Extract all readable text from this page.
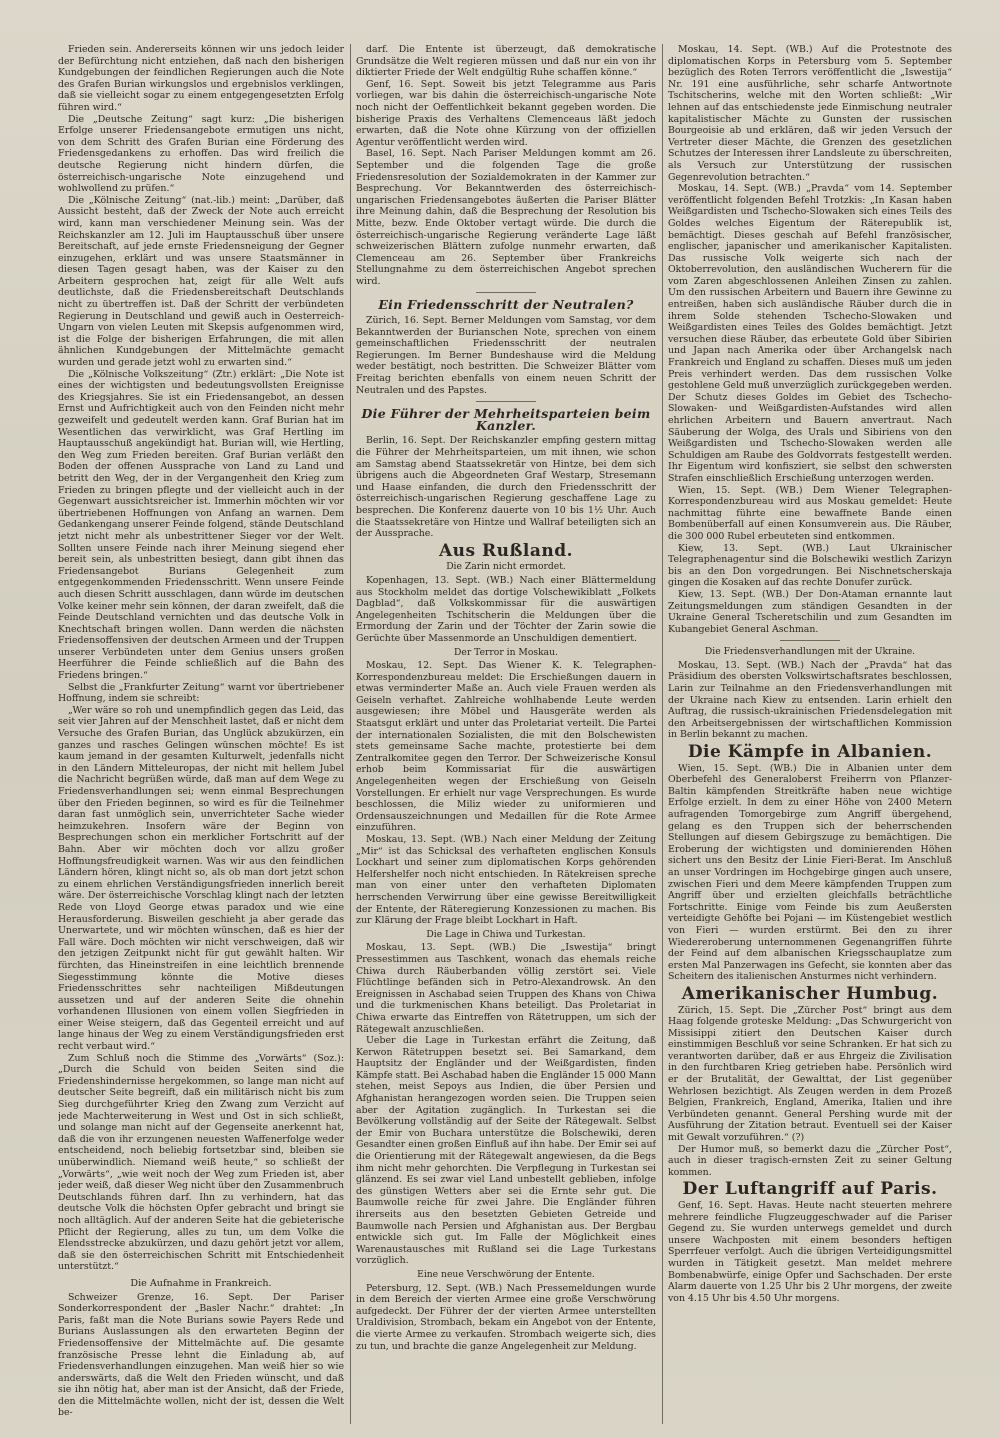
Frieden sein. Andererseits können wir uns jedoch leider der Befürchtung nicht entziehen, daß nach den bisherigen Kundgebungen der feindlichen Regierungen auch die Note des Grafen Burian wirkungslos und ergebnislos verklingen, daß sie vielleicht sogar zu einem entgegengesetzten Erfolg führen wird.“

Die „Deutsche Zeitung“ sagt kurz: „Die bisherigen Erfolge unserer Friedensangebote ermutigen uns nicht, von dem Schritt des Grafen Burian eine Förderung des Friedensgedankens zu erhoffen. Das wird freilich die deutsche Regierung nicht hindern dürfen, die österreichisch-ungarische Note einzugehend und wohlwollend zu prüfen.“

Die „Kölnische Zeitung“ (nat.-lib.) meint: „Darüber, daß Aussicht besteht, daß der Zweck der Note auch erreicht wird, kann man verschiedener Meinung sein. Was der Reichskanzler am 12. Juli im Hauptausschuß über unsere Bereitschaft, auf jede ernste Friedensneigung der Gegner einzugehen, erklärt und was unsere Staatsmänner in diesen Tagen gesagt haben, was der Kaiser zu den Arbeitern gesprochen hat, zeigt für alle Welt aufs deutlichste, daß die Friedensbereitschaft Deutschlands nicht zu übertreffen ist. Daß der Schritt der verbündeten Regierung in Deutschland und gewiß auch in Oesterreich-Ungarn von vielen Leuten mit Skepsis aufgenommen wird, ist die Folge der bisherigen Erfahrungen, die mit allen ähnlichen Kundgebungen der Mittelmächte gemacht wurden und gerade jetzt wohl zu erwarten sind.“

Die „Kölnische Volkszeitung“ (Ztr.) erklärt: „Die Note ist eines der wichtigsten und bedeutungsvollsten Ereignisse des Kriegsjahres. Sie ist ein Friedensangebot, an dessen Ernst und Aufrichtigkeit auch von den Feinden nicht mehr gezweifelt und gedeutelt werden kann. Graf Burian hat im Wesentlichen das verwirklicht, was Graf Hertling im Hauptausschuß angekündigt hat. Burian will, wie Hertling, den Weg zum Frieden bereiten. Graf Burian verläßt den Boden der offenen Aussprache von Land zu Land und betritt den Weg, der in der Vergangenheit den Krieg zum Frieden zu bringen pflegte und der vielleicht auch in der Gegenwart aussichtsreicher ist. Immerhin möchten wir vor übertriebenen Hoffnungen von Anfang an warnen. Dem Gedankengang unserer Feinde folgend, stände Deutschland jetzt nicht mehr als unbestrittener Sieger vor der Welt. Sollten unsere Feinde nach ihrer Meinung siegend eher bereit sein, als unbestritten besiegt, dann gibt ihnen das Friedensangebot Burians Gelegenheit zum entgegenkommenden Friedensschritt. Wenn unsere Feinde auch diesen Schritt ausschlagen, dann würde im deutschen Volke keiner mehr sein können, der daran zweifelt, daß die Feinde Deutschland vernichten und das deutsche Volk in Knechtschaft bringen wollen. Dann werden die nächsten Friedensoffensiven der deutschen Armeen und der Truppen unserer Verbündeten unter dem Genius unsers großen Heerführer die Feinde schließlich auf die Bahn des Friedens bringen.“

Selbst die „Frankfurter Zeitung“ warnt vor übertriebener Hoffnung, indem sie schreibt:

„Wer wäre so roh und unempfindlich gegen das Leid, das seit vier Jahren auf der Menschheit lastet, daß er nicht dem Versuche des Grafen Burian, das Unglück abzukürzen, ein ganzes und rasches Gelingen wünschen möchte! Es ist kaum jemand in der gesamten Kulturwelt, jedenfalls nicht in den Ländern Mitteleuropas, der nicht mit hellem Jubel die Nachricht begrüßen würde, daß man auf dem Wege zu Friedensverhandlungen sei; wenn einmal Besprechungen über den Frieden beginnen, so wird es für die Teilnehmer daran fast unmöglich sein, unverrichteter Sache wieder heimzukehren. Insofern wäre der Beginn von Besprechungen schon ein merklicher Fortschritt auf der Bahn. Aber wir möchten doch vor allzu großer Hoffnungsfreudigkeit warnen. Was wir aus den feindlichen Ländern hören, klingt nicht so, als ob man dort jetzt schon zu einem ehrlichen Verständigungsfrieden innerlich bereit wäre. Der österreichische Vorschlag klingt nach der letzten Rede von Lloyd George etwas paradox und wie eine Herausforderung. Bisweilen geschieht ja aber gerade das Unerwartete, und wir möchten wünschen, daß es hier der Fall wäre. Doch möchten wir nicht verschweigen, daß wir den jetzigen Zeitpunkt nicht für gut gewählt halten. Wir fürchten, das Hineinstreifen in eine leichtlich brennende Siegesstimmung könnte die Motive dieses Friedensschrittes sehr nachteiligen Mißdeutungen aussetzen und auf der anderen Seite die ohnehin vorhandenen Illusionen von einem vollen Siegfrieden in einer Weise steigern, daß das Gegenteil erreicht und auf lange hinaus der Weg zu einem Verständigungsfrieden erst recht verbaut wird.“

Zum Schluß noch die Stimme des „Vorwärts“ (Soz.): „Durch die Schuld von beiden Seiten sind die Friedenshindernisse hergekommen, so lange man nicht auf deutscher Seite begreift, daß ein militärisch nicht bis zum Sieg durchgeführter Krieg den Zwang zum Verzicht auf jede Machterweiterung in West und Ost in sich schließt, und solange man nicht auf der Gegenseite anerkennt hat, daß die von ihr erzungenen neuesten Waffenerfolge weder entscheidend, noch beliebig fortsetzbar sind, bleiben sie unüberwindlich. Niemand weiß heute,“ so schließt der „Vorwärts“, „wie weit noch der Weg zum Frieden ist, aber jeder weiß, daß dieser Weg nicht über den Zusammenbruch Deutschlands führen darf. Ihn zu verhindern, hat das deutsche Volk die höchsten Opfer gebracht und bringt sie noch alltäglich. Auf der anderen Seite hat die gebieterische Pflicht der Regierung, alles zu tun, um dem Volke die Elendsstrecke abzukürzen, und dazu gehört jetzt vor allem, daß sie den österreichischen Schritt mit Entschiedenheit unterstützt.“

Die Aufnahme in Frankreich.

Schweizer Grenze, 16. Sept. Der Pariser Sonderkorrespondent der „Basler Nachr.“ drahtet: „In Paris, faßt man die Note Burians sowie Payers Rede und Burians Auslassungen als den erwarteten Beginn der Friedensoffensive der Mittelmächte auf. Die gesamte französische Presse lehnt die Einladung ab, auf Friedensverhandlungen einzugehen. Man weiß hier so wie anderswärts, daß die Welt den Frieden wünscht, und daß sie ihn nötig hat, aber man ist der Ansicht, daß der Friede, den die Mittelmächte wollen, nicht der ist, dessen die Welt be-

darf. Die Entente ist überzeugt, daß demokratische Grundsätze die Welt regieren müssen und daß nur ein von ihr diktierter Friede der Welt endgültig Ruhe schaffen könne.“

Genf, 16. Sept. Soweit bis jetzt Telegramme aus Paris vorliegen, war bis dahin die österreichisch-ungarische Note noch nicht der Oeffentlichkeit bekannt gegeben worden. Die bisherige Praxis des Verhaltens Clemenceaus läßt jedoch erwarten, daß die Note ohne Kürzung von der offiziellen Agentur veröffentlicht werden wird.

Basel, 16. Sept. Nach Pariser Meldungen kommt am 26. September und die folgenden Tage die große Friedensresolution der Sozialdemokraten in der Kammer zur Besprechung. Vor Bekanntwerden des österreichisch-ungarischen Friedensangebotes äußerten die Pariser Blätter ihre Meinung dahin, daß die Besprechung der Resolution bis Mitte, bezw. Ende Oktober vertagt würde. Die durch die österreichisch-ungarische Regierung veränderte Lage läßt schweizerischen Blättern zufolge nunmehr erwarten, daß Clemenceau am 26. September über Frankreichs Stellungnahme zu dem österreichischen Angebot sprechen wird.

Ein Friedensschritt der Neutralen?

Zürich, 16. Sept. Berner Meldungen vom Samstag, vor dem Bekanntwerden der Burianschen Note, sprechen von einem gemeinschaftlichen Friedensschritt der neutralen Regierungen. Im Berner Bundeshause wird die Meldung weder bestätigt, noch bestritten. Die Schweizer Blätter vom Freitag berichten ebenfalls von einem neuen Schritt der Neutralen und des Papstes.

Die Führer der Mehrheitsparteien beim Kanzler.

Berlin, 16. Sept. Der Reichskanzler empfing gestern mittag die Führer der Mehrheitsparteien, um mit ihnen, wie schon am Samstag abend Staatssekretär von Hintze, bei dem sich übrigens auch die Abgeordneten Graf Westarp, Stresemann und Haase einfanden, die durch den Friedensschritt der österreichisch-ungarischen Regierung geschaffene Lage zu besprechen. Die Konferenz dauerte von 10 bis 1½ Uhr. Auch die Staatssekretäre von Hintze und Wallraf beteiligten sich an der Aussprache.

Aus Rußland.
Die Zarin nicht ermordet.

Kopenhagen, 13. Sept. (WB.) Nach einer Blättermeldung aus Stockholm meldet das dortige Volschewikiblatt „Folkets Dagblad“, daß Volkskommissar für die auswärtigen Angelegenheiten Tschitscherin die Meldungen über die Ermordung der Zarin und der Töchter der Zarin sowie die Gerüchte über Massenmorde an Unschuldigen dementiert.

Der Terror in Moskau.

Moskau, 12. Sept. Das Wiener K. K. Telegraphen-Korrespondenzbureau meldet: Die Erschießungen dauern in etwas verminderter Maße an. Auch viele Frauen werden als Geiseln verhaftet. Zahlreiche wohlhabende Leute werden ausgewiesen; ihre Möbel und Hausgeräte werden als Staatsgut erklärt und unter das Proletariat verteilt. Die Partei der internationalen Sozialisten, die mit den Bolschewisten stets gemeinsame Sache machte, protestierte bei dem Zentralkomitee gegen den Terror. Der Schweizerische Konsul erhob beim Kommissariat für die auswärtigen Angelegenheiten wegen der Erschießung von Geiseln Vorstellungen. Er erhielt nur vage Versprechungen. Es wurde beschlossen, die Miliz wieder zu uniformieren und Ordensauszeichnungen und Medaillen für die Rote Armee einzuführen.

Moskau, 13. Sept. (WB.) Nach einer Meldung der Zeitung „Mir“ ist das Schicksal des verhafteten englischen Konsuls Lockhart und seiner zum diplomatischen Korps gehörenden Helfershelfer noch nicht entschieden. In Rätekreisen spreche man von einer unter den verhafteten Diplomaten herrschenden Verwirrung über eine gewisse Bereitwilligkeit der Entente, der Räteregierung Konzessionen zu machen. Bis zur Klärung der Frage bleibt Lockhart in Haft.

Die Lage in Chiwa und Turkestan.

Moskau, 13. Sept. (WB.) Die „Iswestija“ bringt Pressestimmen aus Taschkent, wonach das ehemals reiche Chiwa durch Räuberbanden völlig zerstört sei. Viele Flüchtlinge befänden sich in Petro-Alexandrowsk. An den Ereignissen in Aschabad seien Truppen des Khans von Chiwa und die turkmenischen Khans beteiligt. Das Proletariat in Chiwa erwarte das Eintreffen von Rätetruppen, um sich der Rätegewalt anzuschließen.

Ueber die Lage in Turkestan erfährt die Zeitung, daß Kerwon Rätetruppen besetzt sei. Bei Samarkand, dem Hauptsitz der Engländer und der Weißgardisten, finden Kämpfe statt. Bei Aschabad haben die Engländer 15 000 Mann stehen, meist Sepoys aus Indien, die über Persien und Afghanistan herangezogen worden seien. Die Truppen seien aber der Agitation zugänglich. In Turkestan sei die Bevölkerung vollständig auf der Seite der Rätegewalt. Selbst der Emir von Buchara unterstütze die Bolschewiki, deren Gesandter einen großen Einfluß auf ihn habe. Der Emir sei auf die Orientierung mit der Rätegewalt angewiesen, da die Begs ihm nicht mehr gehorchten. Die Verpflegung in Turkestan sei glänzend. Es sei zwar viel Land unbestellt geblieben, infolge des günstigen Wetters aber sei die Ernte sehr gut. Die Baumwolle reiche für zwei Jahre. Die Engländer führen ihrerseits aus den besetzten Gebieten Getreide und Baumwolle nach Persien und Afghanistan aus. Der Bergbau entwickle sich gut. Im Falle der Möglichkeit eines Warenaustausches mit Rußland sei die Lage Turkestans vorzüglich.

Eine neue Verschwörung der Entente.

Petersburg, 12. Sept. (WB.) Nach Pressemeldungen wurde in dem Bereich der vierten Armee eine große Verschwörung aufgedeckt. Der Führer der der vierten Armee unterstellten Uraldivision, Strombach, bekam ein Angebot von der Entente, die vierte Armee zu verkaufen. Strombach weigerte sich, dies zu tun, und brachte die ganze Angelegenheit zur Meldung.

Moskau, 14. Sept. (WB.) Auf die Protestnote des diplomatischen Korps in Petersburg vom 5. September bezüglich des Roten Terrors veröffentlicht die „Iswestija“ Nr. 191 eine ausführliche, sehr scharfe Antwortnote Tschitscherins, welche mit den Worten schließt: „Wir lehnen auf das entschiedenste jede Einmischung neutraler kapitalistischer Mächte zu Gunsten der russischen Bourgeoisie ab und erklären, daß wir jeden Versuch der Vertreter dieser Mächte, die Grenzen des gesetzlichen Schutzes der Interessen ihrer Landsleute zu überschreiten, als Versuch zur Unterstützung der russischen Gegenrevolution betrachten.“

Moskau, 14. Sept. (WB.) „Pravda“ vom 14. September veröffentlicht folgenden Befehl Trotzkis: „In Kasan haben Weißgardisten und Tschecho-Slowaken sich eines Teils des Goldes welches Eigentum der Räterepublik ist, bemächtigt. Dieses geschah auf Befehl französischer, englischer, japanischer und amerikanischer Kapitalisten. Das russische Volk weigerte sich nach der Oktoberrevolution, den ausländischen Wucherern für die vom Zaren abgeschlossenen Anleihen Zinsen zu zahlen. Um den russischen Arbeitern und Bauern ihre Gewinne zu entreißen, haben sich ausländische Räuber durch die in ihrem Solde stehenden Tschecho-Slowaken und Weißgardisten eines Teiles des Goldes bemächtigt. Jetzt versuchen diese Räuber, das erbeutete Gold über Sibirien und Japan nach Amerika oder über Archangelsk nach Frankreich und England zu schaffen. Dieses muß um jeden Preis verhindert werden. Das dem russischen Volke gestohlene Geld muß unverzüglich zurückgegeben werden. Der Schutz dieses Goldes im Gebiet des Tschecho-Slowaken- und Weißgardisten-Aufstandes wird allen ehrlichen Arbeitern und Bauern anvertraut. Nach Säuberung der Wolga, des Urals und Sibiriens von den Weißgardisten und Tschecho-Slowaken werden alle Schuldigen am Raube des Goldvorrats festgestellt werden. Ihr Eigentum wird konfisziert, sie selbst den schwersten Strafen einschließlich Erschießung unterzogen werden.

Wien, 15. Sept. (WB.) Dem Wiener Telegraphen-Korrespondenzbureau wird aus Moskau gemeldet: Heute nachmittag führte eine bewaffnete Bande einen Bombenüberfall auf einen Konsumverein aus. Die Räuber, die 300 000 Rubel erbeuteten sind entkommen.

Kiew, 13. Sept. (WB.) Laut Ukrainischer Telegraphenagentur sind die Bolschewiki westlich Zarizyn bis an den Don vorgedrungen. Bei Nischnetscherskaja gingen die Kosaken auf das rechte Donufer zurück.

Kiew, 13. Sept. (WB.) Der Don-Ataman ernannte laut Zeitungsmeldungen zum ständigen Gesandten in der Ukraine General Tscheretschilin und zum Gesandten im Kubangebiet General Aschman.

Die Friedensverhandlungen mit der Ukraine.

Moskau, 13. Sept. (WB.) Nach der „Pravda“ hat das Präsidium des obersten Volkswirtschaftsrates beschlossen, Larin zur Teilnahme an den Friedensverhandlungen mit der Ukraine nach Kiew zu entsenden. Larin erhielt den Auftrag, die russisch-ukrainischen Friedensdelegation mit den Arbeitsergebnissen der wirtschaftlichen Kommission in Berlin bekannt zu machen.

Die Kämpfe in Albanien.

Wien, 15. Sept. (WB.) Die in Albanien unter dem Oberbefehl des Generaloberst Freiherrn von Pflanzer-Baltin kämpfenden Streitkräfte haben neue wichtige Erfolge erzielt. In dem zu einer Höhe von 2400 Metern aufragenden Tomorgebirge zum Angriff übergehend, gelang es den Truppen sich der beherrschenden Stellungen auf diesem Gebirgszuge zu bemächtigen. Die Eroberung der wichtigsten und dominierenden Höhen sichert uns den Besitz der Linie Fieri-Berat. Im Anschluß an unser Vordringen im Hochgebirge gingen auch unsere, zwischen Fieri und dem Meere kämpfenden Truppen zum Angriff über und erzielten gleichfalls beträchtliche Fortschritte. Einige vom Feinde bis zum Aeußersten verteidigte Gehöfte bei Pojani — im Küstengebiet westlich von Fieri — wurden erstürmt. Bei den zu ihrer Wiedereroberung unternommenen Gegenangriffen führte der Feind auf dem albanischen Kriegsschauplatze zum ersten Mal Panzerwagen ins Gefecht, sie konnten aber das Scheitern des italienischen Ansturmes nicht verhindern.

Amerikanischer Humbug.

Zürich, 15. Sept. Die „Zürcher Post“ bringt aus dem Haag folgende groteske Meldung: „Das Schwurgericht von Missisippi zitiert den Deutschen Kaiser durch einstimmigen Beschluß vor seine Schranken. Er hat sich zu verantworten darüber, daß er aus Ehrgeiz die Zivilisation in den furchtbaren Krieg getrieben habe. Persönlich wird er der Brutalität, der Gewalttat, der List gegenüber Wehrlosen bezichtigt. Als Zeugen werden in dem Prozeß Belgien, Frankreich, England, Amerika, Italien und ihre Verbündeten genannt. General Pershing wurde mit der Ausführung der Zitation betraut. Eventuell sei der Kaiser mit Gewalt vorzuführen.“ (?)

Der Humor muß, so bemerkt dazu die „Zürcher Post“, auch in dieser tragisch-ernsten Zeit zu seiner Geltung kommen.

Der Luftangriff auf Paris.

Genf, 16. Sept. Havas. Heute nacht steuerten mehrere mehrere feindliche Flugzeuggeschwader auf die Pariser Gegend zu. Sie wurden unterwegs gemeldet und durch unsere Wachposten mit einem besonders heftigen Sperrfeuer verfolgt. Auch die übrigen Verteidigungsmittel wurden in Tätigkeit gesetzt. Man meldet mehrere Bombenabwürfe, einige Opfer und Sachschaden. Der erste Alarm dauerte von 1.25 Uhr bis 2 Uhr morgens, der zweite von 4.15 Uhr bis 4.50 Uhr morgens.
